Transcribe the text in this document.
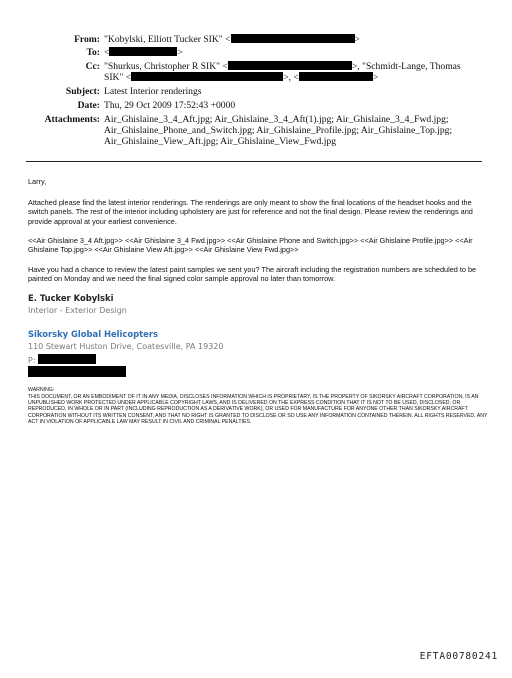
From: "Kobylski, Elliott Tucker SIK" <	>
To: <	>
Cc: "Shurkus, Christopher R SIK" <	>, "Schmidt-Lange, Thomas
SIK" <	>, <	>
Subject: Latest Interior renderings
Date: Thu, 29 Oct 2009 17:52:43 +0000
Attachments: Air_Ghislaine_3_4_Aft.jpg; Air_Ghislaine_3_4_Aft(1).jpg; Air_Ghislaine_3_4_Fwd.jpg;
Air_Ghislaine_Phone_and_Switch.jpg; Air_Ghislaine_Profile.jpg; Air_Ghislaine_Top.jpg;
Air_Ghislaine_View_Aft.jpg; Air_Ghislaine_View_Fwd.jpg
Larry,
Attached please find the latest interior renderings. The renderings are only meant to show the final locations of the headset hooks and the switch panels. The rest of the interior including upholstery are just for reference and not the final design. Please review the renderings and provide approval at your earliest convenience.
<<Air Ghislaine 3_4 Aft.jpg>> <<Air Ghislaine 3_4 Fwd.jpg>> <<Air Ghislaine Phone and Switch.jpg>> <<Air Ghislaine Profile.jpg>> <<Air Ghislaine Top.jpg>> <<Air Ghislaine View Aft.jpg>> <<Air Ghislaine View Fwd.jpg>>
Have you had a chance to review the latest paint samples we sent you? The aircraft including the registration numbers are scheduled to be painted on Monday and we need the final signed color sample approval no later than tomorrow.
E. Tucker Kobylski
Interior - Exterior Design
Sikorsky Global Helicopters
110 Stewart Huston Drive, Coatesville, PA 19320
P:
WARNING:
THIS DOCUMENT, OR AN EMBODIMENT OF IT IN ANY MEDIA, DISCLOSES INFORMATION WHICH IS PROPRIETARY, IS THE PROPERTY OF SIKORSKY AIRCRAFT CORPORATION, IS AN UNPUBLISHED WORK PROTECTED UNDER APPLICABLE COPYRIGHT LAWS, AND IS DELIVERED ON THE EXPRESS CONDITION THAT IT IS NOT TO BE USED, DISCLOSED, OR REPRODUCED, IN WHOLE OR IN PART (INCLUDING REPRODUCTION AS A DERIVATIVE WORK), OR USED FOR MANUFACTURE FOR ANYONE OTHER THAN SIKORSKY AIRCRAFT CORPORATION WITHOUT ITS WRITTEN CONSENT, AND THAT NO RIGHT IS GRANTED TO DISCLOSE OR SO USE ANY INFORMATION CONTAINED THEREIN. ALL RIGHTS RESERVED. ANY ACT IN VIOLATION OF APPLICABLE LAW MAY RESULT IN CIVIL AND CRIMINAL PENALTIES.
EFTA00780241
